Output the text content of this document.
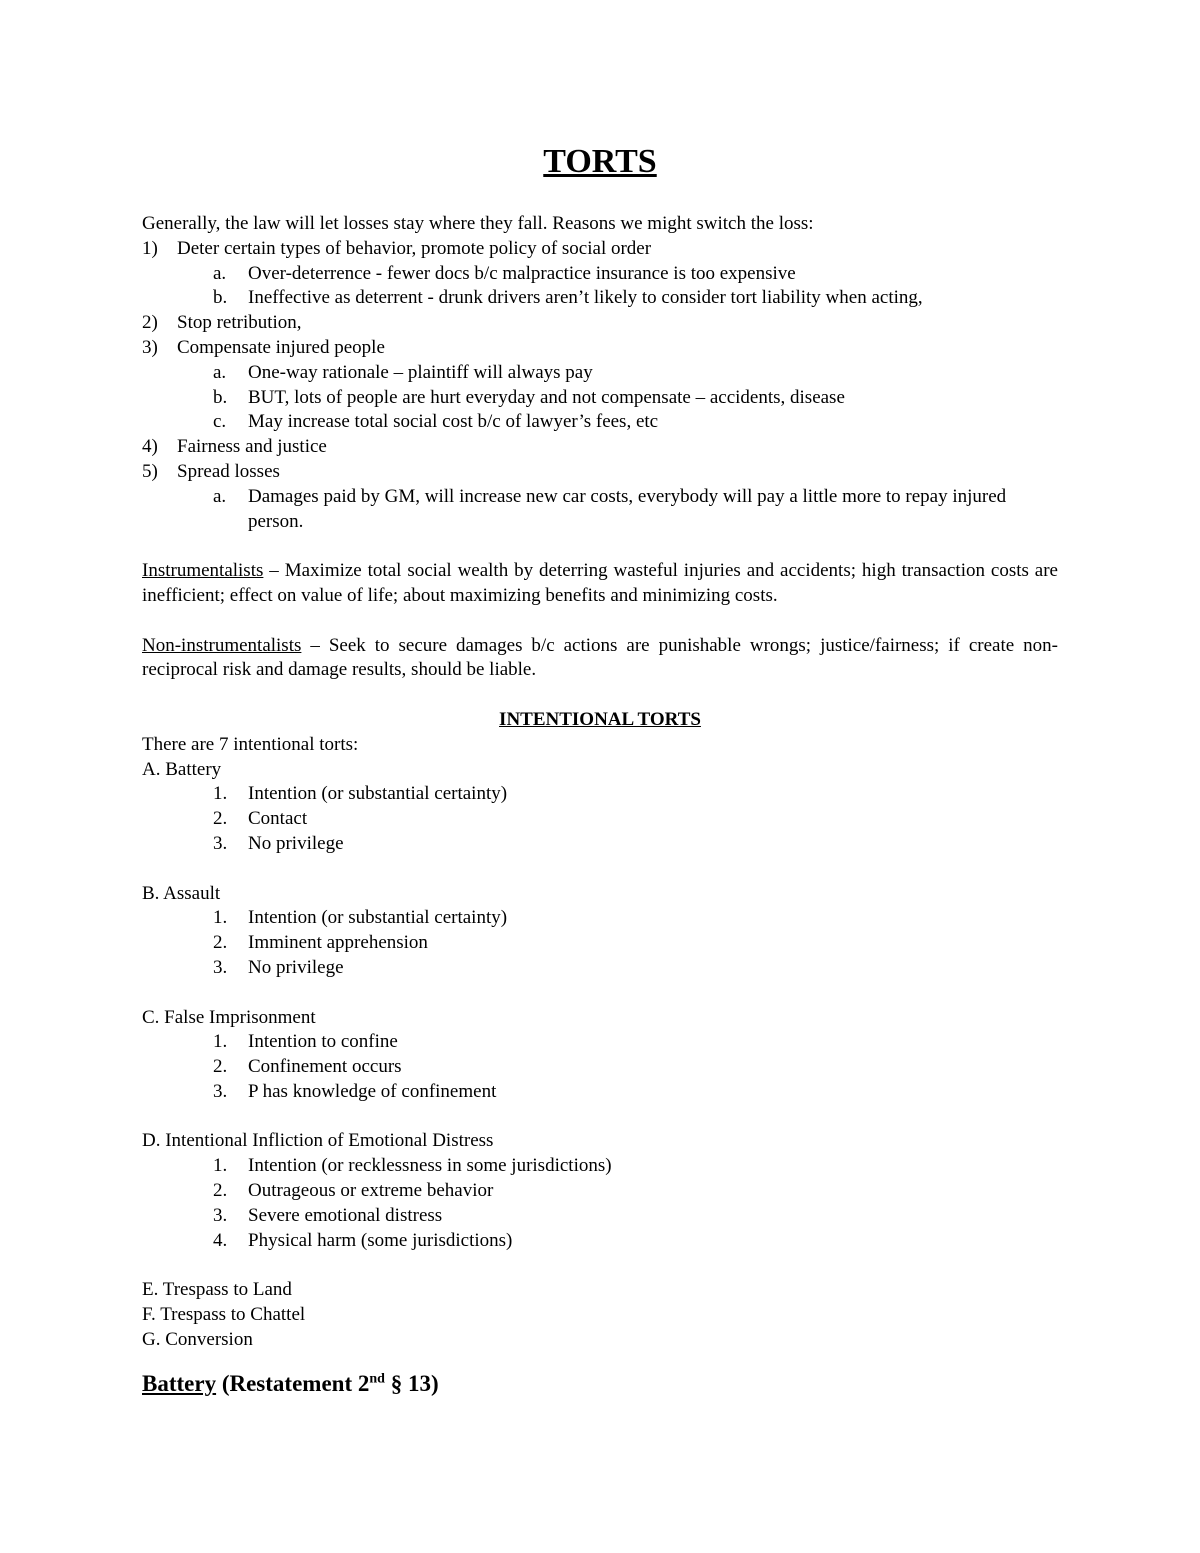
TORTS

Generally, the law will let losses stay where they fall. Reasons we might switch the loss:

1)	Deter certain types of behavior, promote policy of social order
a.	Over-deterrence - fewer docs b/c malpractice insurance is too expensive
b.	Ineffective as deterrent - drunk drivers aren’t likely to consider tort liability when acting,
2)	Stop retribution,
3)	Compensate injured people
a.	One-way rationale – plaintiff will always pay
b.	BUT, lots of people are hurt everyday and not compensate – accidents, disease
c.	May increase total social cost b/c of lawyer’s fees, etc
4)	Fairness and justice
5)	Spread losses
a.	Damages paid by GM, will increase new car costs, everybody will pay a little more to repay injured person.

Instrumentalists – Maximize total social wealth by deterring wasteful injuries and accidents; high transaction costs are inefficient; effect on value of life; about maximizing benefits and minimizing costs.

Non-instrumentalists – Seek to secure damages b/c actions are punishable wrongs; justice/fairness; if create non-reciprocal risk and damage results, should be liable.

INTENTIONAL TORTS

There are 7 intentional torts:

A. Battery

1.	Intention (or substantial certainty)
2.	Contact
3.	No privilege

B. Assault

1.	Intention (or substantial certainty)
2.	Imminent apprehension
3.	No privilege

C. False Imprisonment

1.	Intention to confine
2.	Confinement occurs
3.	P has knowledge of confinement

D. Intentional Infliction of Emotional Distress

1.	Intention (or recklessness in some jurisdictions)
2.	Outrageous or extreme behavior
3.	Severe emotional distress
4.	Physical harm (some jurisdictions)

E. Trespass to Land

F. Trespass to Chattel

G. Conversion

Battery (Restatement 2nd § 13)
